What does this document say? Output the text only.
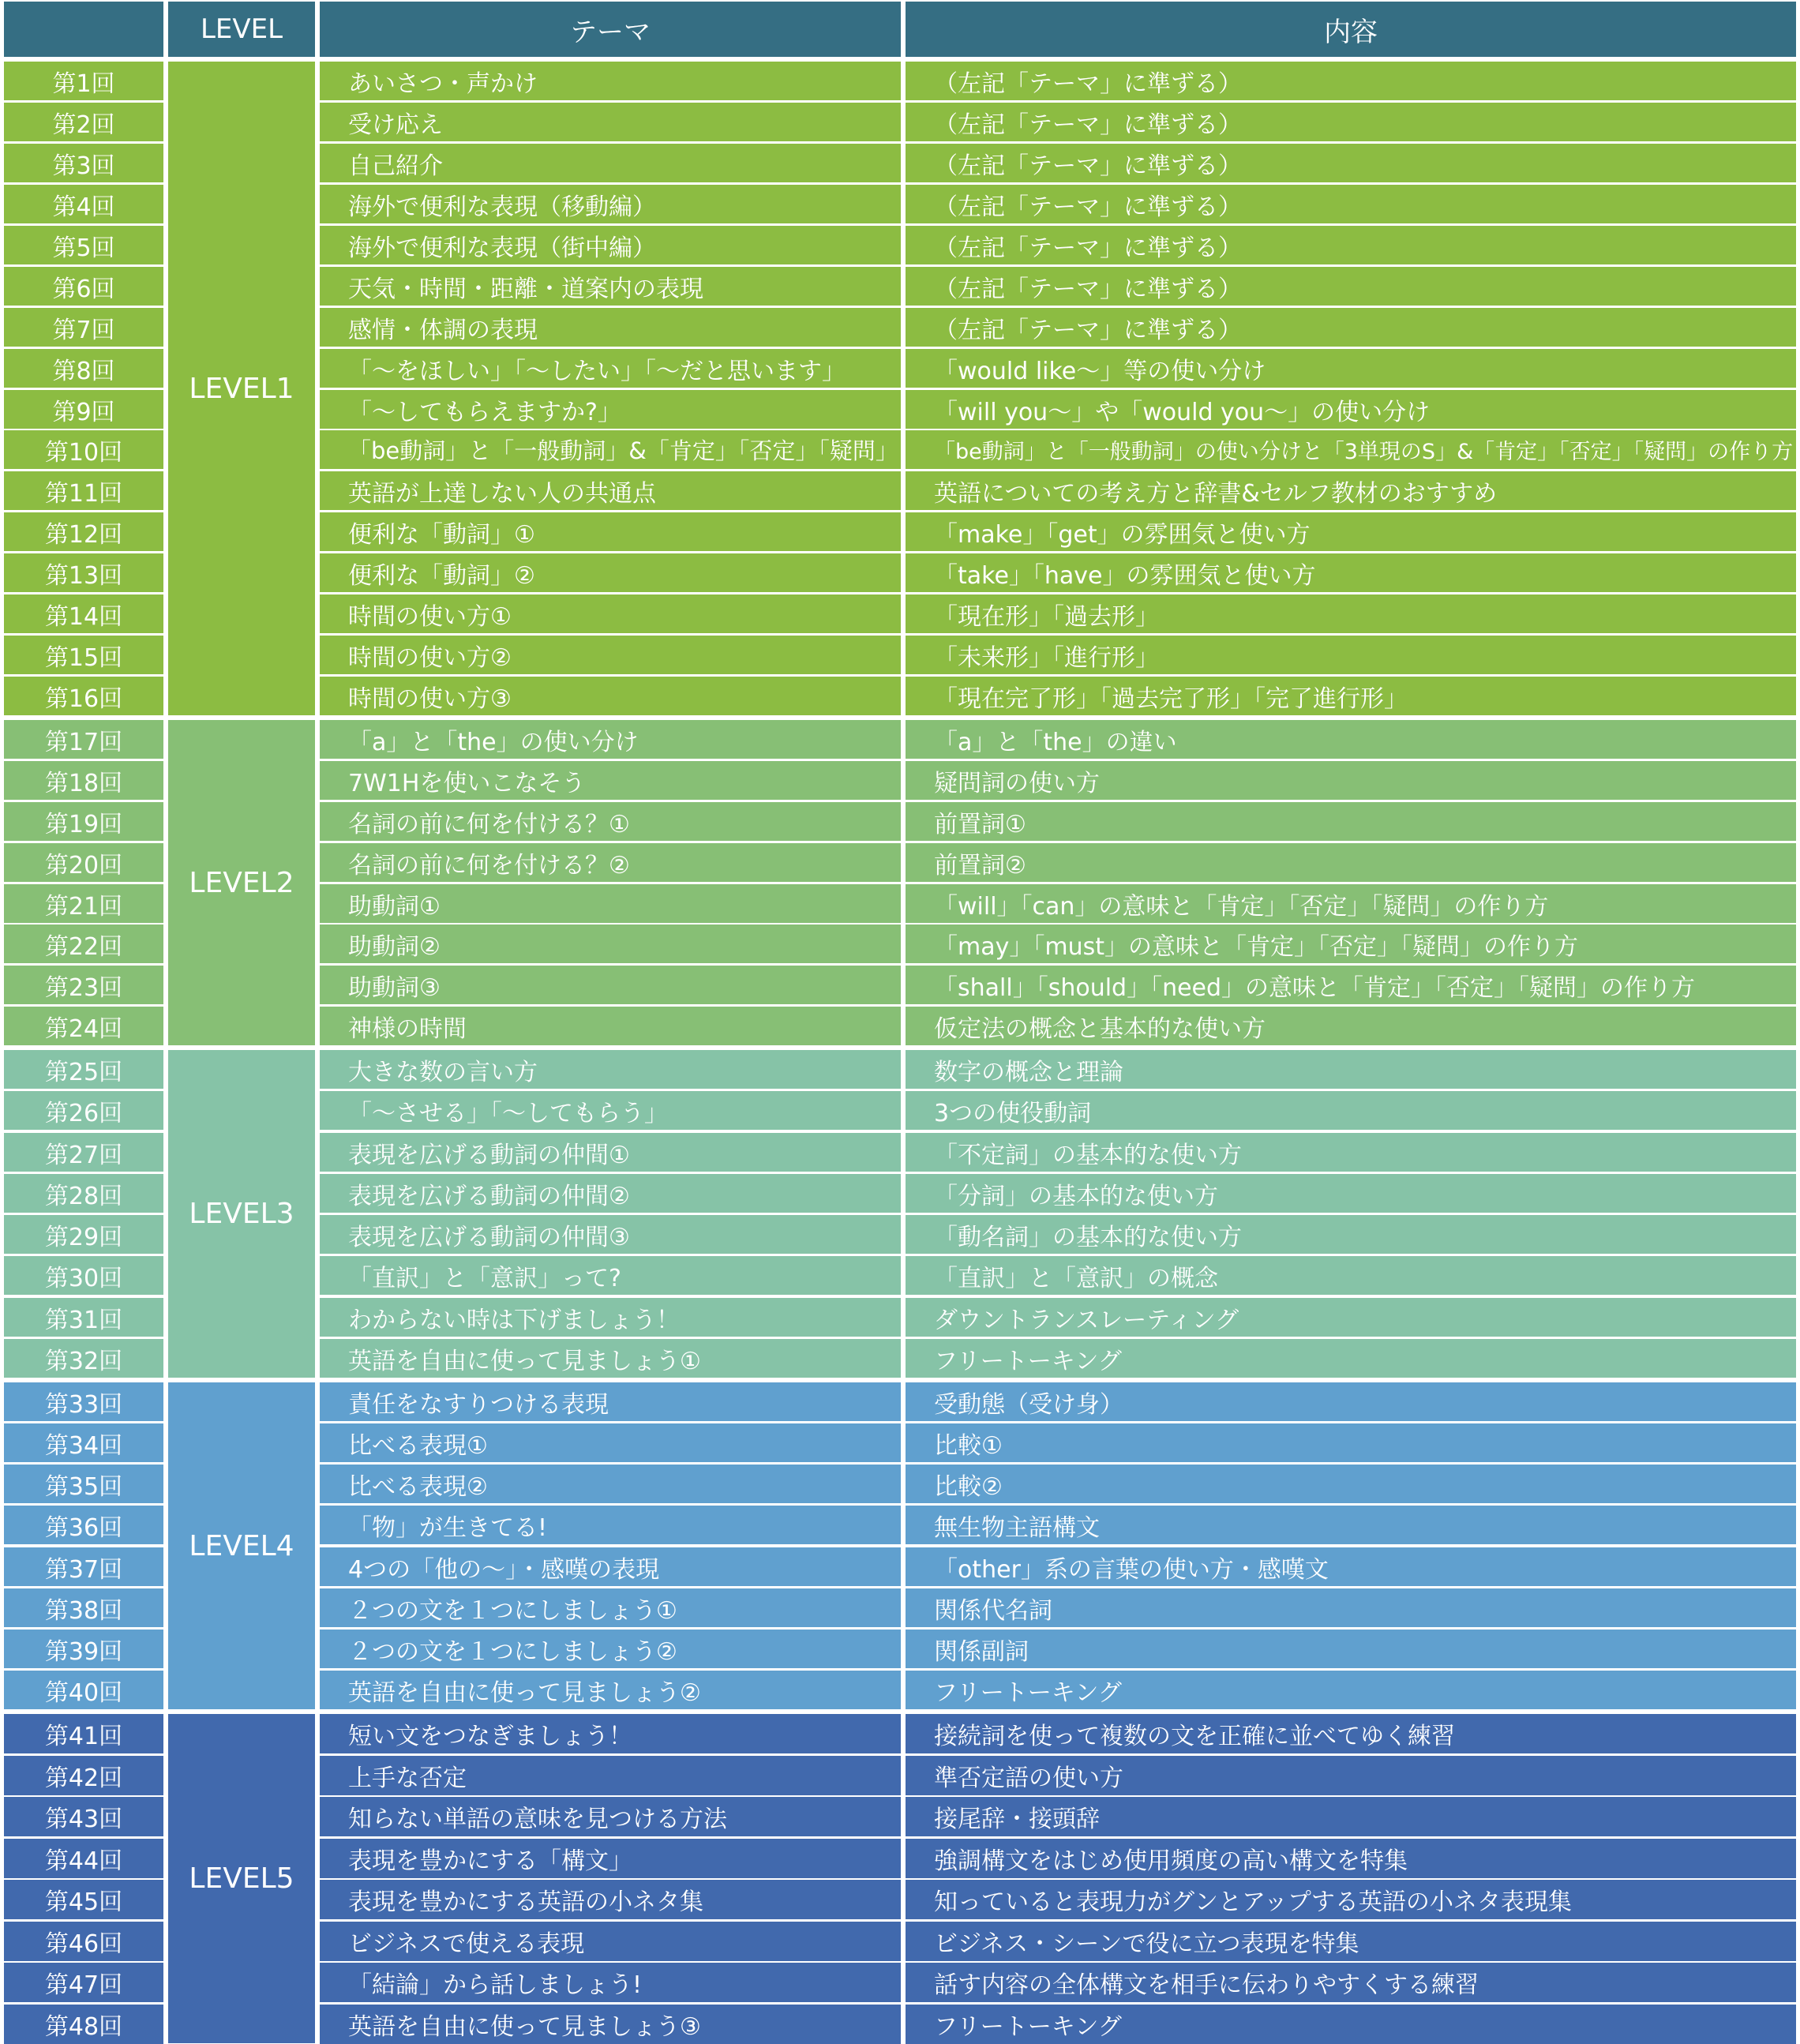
LEVEL	テーマ	内容
LEVEL1
第1回	あいさつ・声かけ	（左記「テーマ」に準ずる）
第2回	受け応え	（左記「テーマ」に準ずる）
第3回	自己紹介	（左記「テーマ」に準ずる）
第4回	海外で便利な表現（移動編）	（左記「テーマ」に準ずる）
第5回	海外で便利な表現（街中編）	（左記「テーマ」に準ずる）
第6回	天気・時間・距離・道案内の表現	（左記「テーマ」に準ずる）
第7回	感情・体調の表現	（左記「テーマ」に準ずる）
第8回	「〜をほしい」「〜したい」「〜だと思います」	「would like〜」等の使い分け
第9回	「〜してもらえますか?」	「will you〜」や「would you〜」の使い分け
第10回	「be動詞」と「一般動詞」&「肯定」「否定」「疑問」	「be動詞」と「一般動詞」の使い分けと「3単現のS」&「肯定」「否定」「疑問」の作り方
第11回	英語が上達しない人の共通点	英語についての考え方と辞書&セルフ教材のおすすめ
第12回	便利な「動詞」①	「make」「get」の雰囲気と使い方
第13回	便利な「動詞」②	「take」「have」の雰囲気と使い方
第14回	時間の使い方①	「現在形」「過去形」
第15回	時間の使い方②	「未来形」「進行形」
第16回	時間の使い方③	「現在完了形」「過去完了形」「完了進行形」
LEVEL2
第17回	「a」と「the」の使い分け	「a」と「the」の違い
第18回	7W1Hを使いこなそう	疑問詞の使い方
第19回	名詞の前に何を付ける？①	前置詞①
第20回	名詞の前に何を付ける？②	前置詞②
第21回	助動詞①	「will」「can」の意味と「肯定」「否定」「疑問」の作り方
第22回	助動詞②	「may」「must」の意味と「肯定」「否定」「疑問」の作り方
第23回	助動詞③	「shall」「should」「need」の意味と「肯定」「否定」「疑問」の作り方
第24回	神様の時間	仮定法の概念と基本的な使い方
LEVEL3
第25回	大きな数の言い方	数字の概念と理論
第26回	「〜させる」「〜してもらう」	3つの使役動詞
第27回	表現を広げる動詞の仲間①	「不定詞」の基本的な使い方
第28回	表現を広げる動詞の仲間②	「分詞」の基本的な使い方
第29回	表現を広げる動詞の仲間③	「動名詞」の基本的な使い方
第30回	「直訳」と「意訳」って?	「直訳」と「意訳」の概念
第31回	わからない時は下げましょう！	ダウントランスレーティング
第32回	英語を自由に使って見ましょう①	フリートーキング
LEVEL4
第33回	責任をなすりつける表現	受動態（受け身）
第34回	比べる表現①	比較①
第35回	比べる表現②	比較②
第36回	「物」が生きてる!	無生物主語構文
第37回	4つの「他の〜」・感嘆の表現	「other」系の言葉の使い方・感嘆文
第38回	２つの文を１つにしましょう①	関係代名詞
第39回	２つの文を１つにしましょう②	関係副詞
第40回	英語を自由に使って見ましょう②	フリートーキング
LEVEL5
第41回	短い文をつなぎましょう！	接続詞を使って複数の文を正確に並べてゆく練習
第42回	上手な否定	準否定語の使い方
第43回	知らない単語の意味を見つける方法	接尾辞・接頭辞
第44回	表現を豊かにする「構文」	強調構文をはじめ使用頻度の高い構文を特集
第45回	表現を豊かにする英語の小ネタ集	知っていると表現力がグンとアップする英語の小ネタ表現集
第46回	ビジネスで使える表現	ビジネス・シーンで役に立つ表現を特集
第47回	「結論」から話しましょう!	話す内容の全体構文を相手に伝わりやすくする練習
第48回	英語を自由に使って見ましょう③	フリートーキング
